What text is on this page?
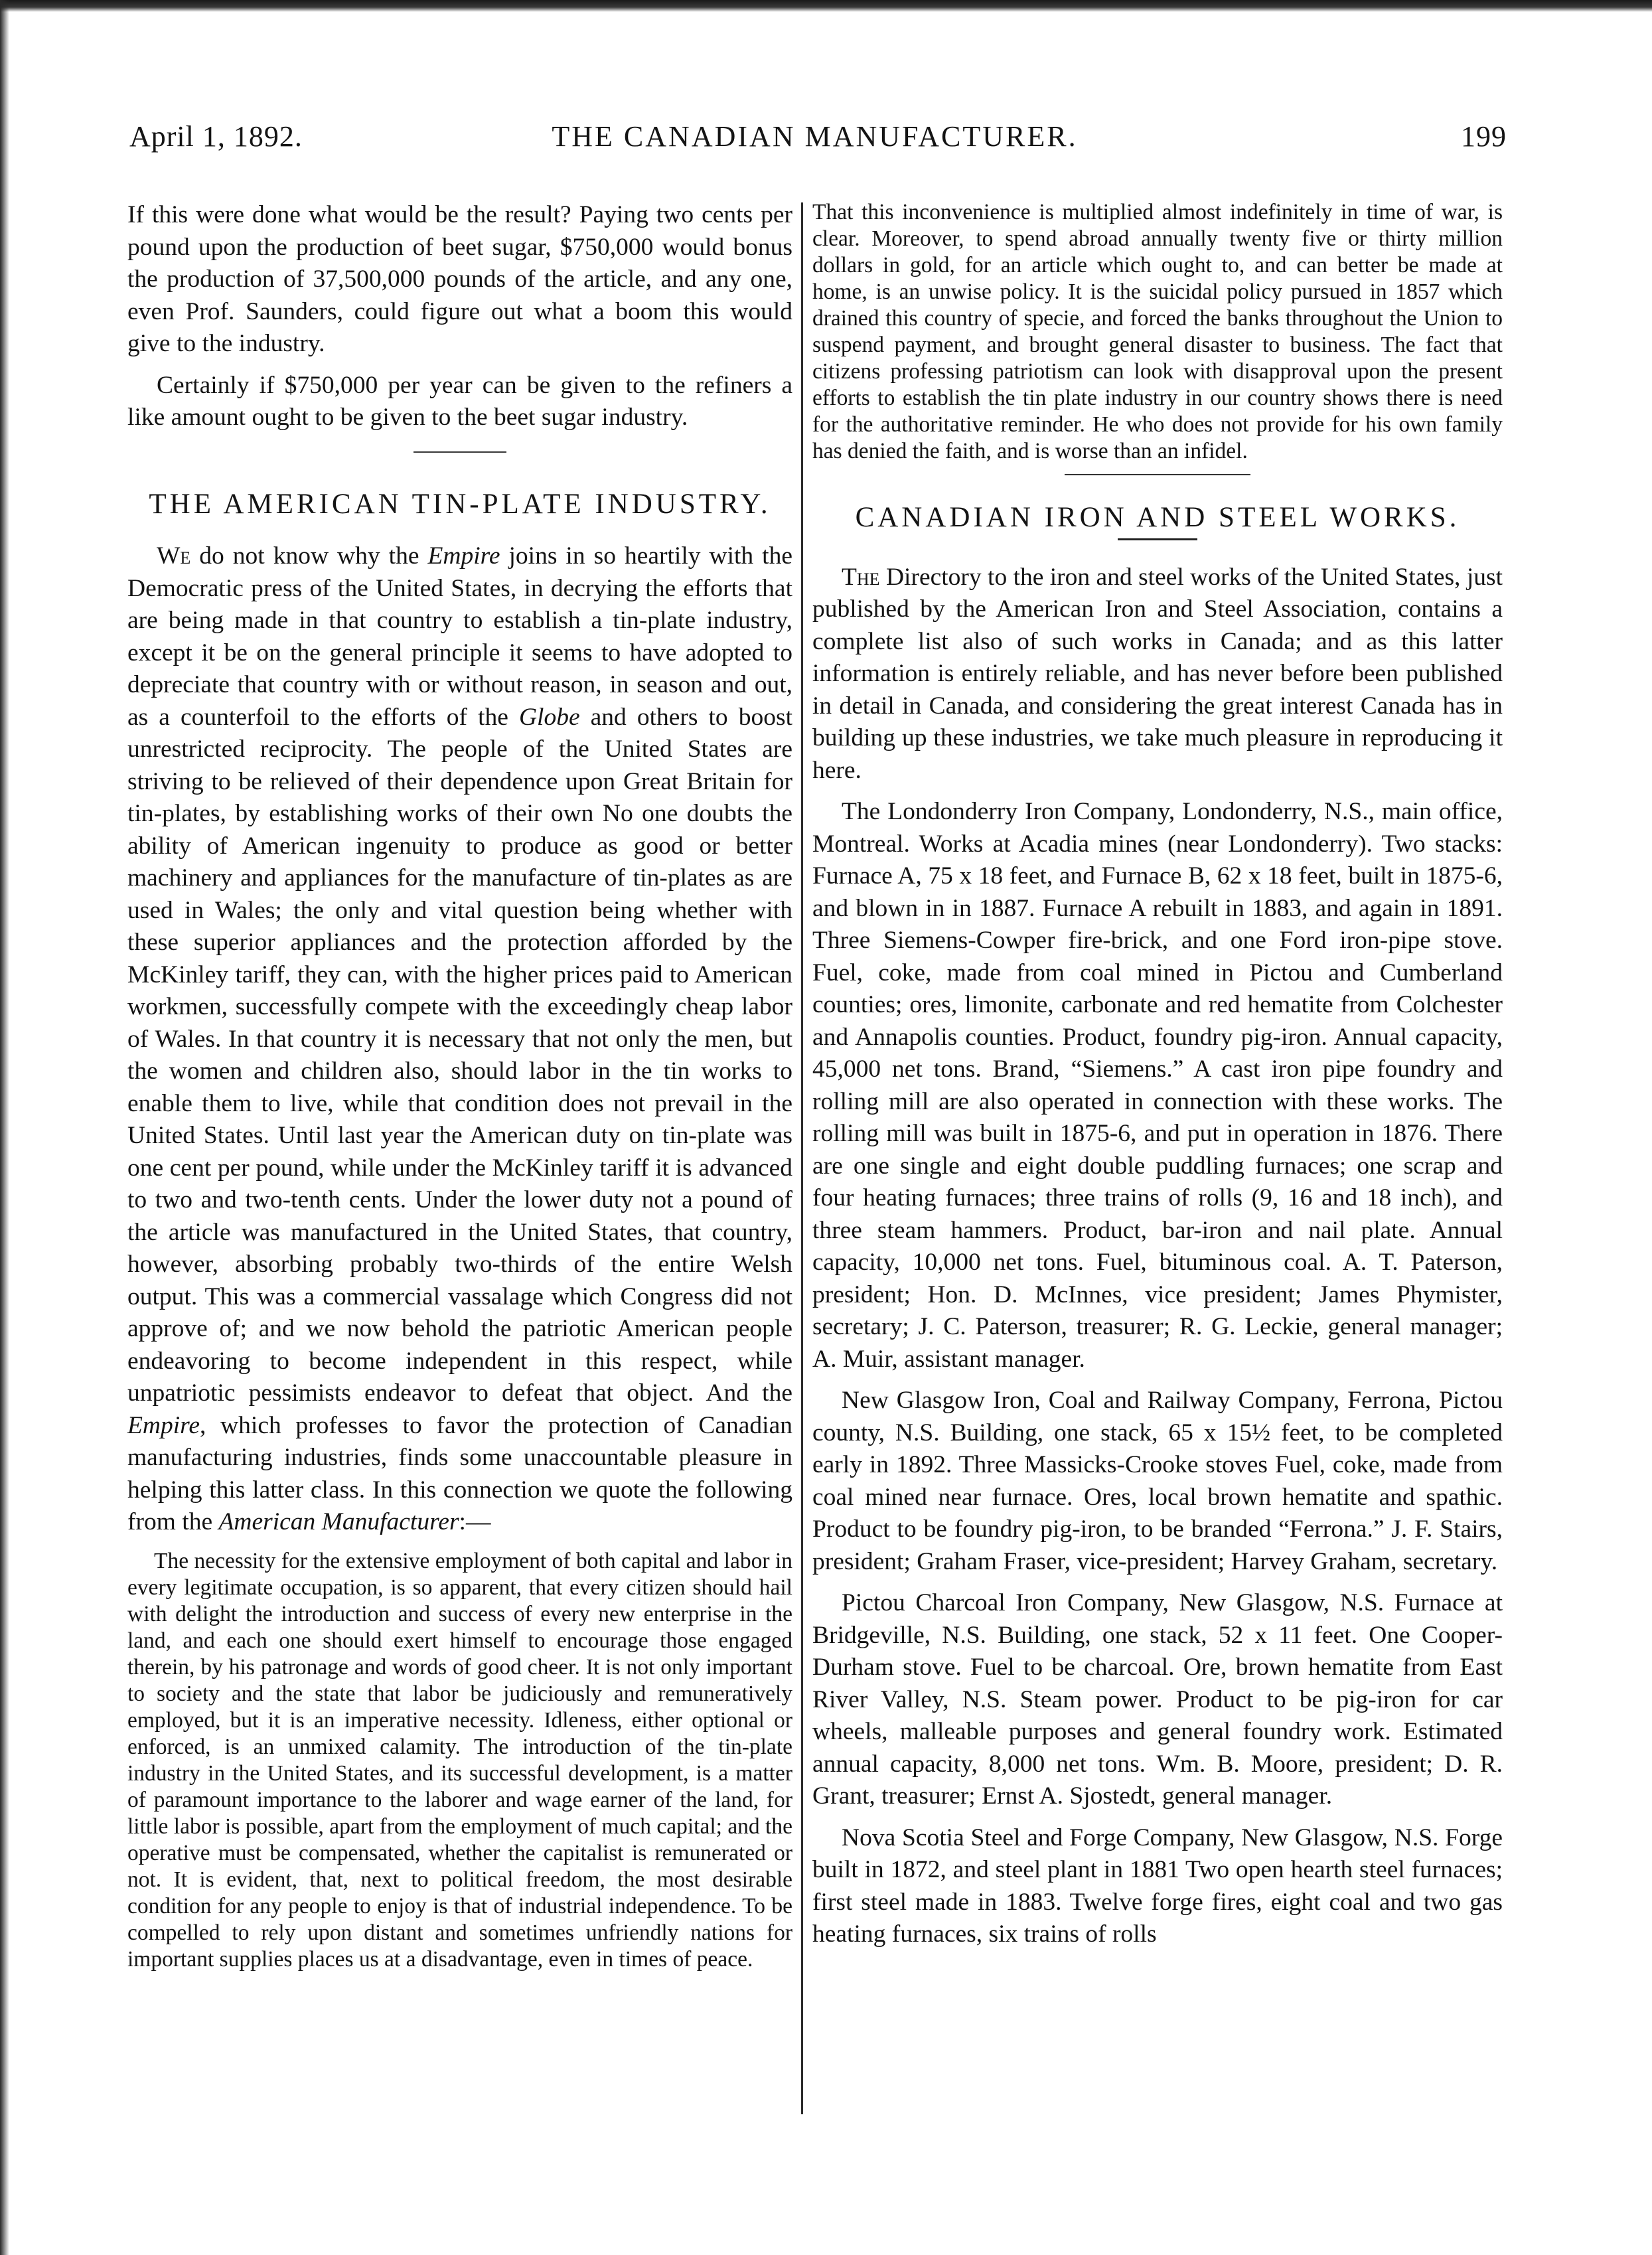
April 1, 1892.	THE CANADIAN MANUFACTURER.	199

If this were done what would be the result? Paying two cents per pound upon the production of beet sugar, $750,000 would bonus the production of 37,500,000 pounds of the article, and any one, even Prof. Saunders, could figure out what a boom this would give to the industry.

Certainly if $750,000 per year can be given to the refiners a like amount ought to be given to the beet sugar industry.

THE AMERICAN TIN-PLATE INDUSTRY.

We do not know why the Empire joins in so heartily with the Democratic press of the United States, in decrying the efforts that are being made in that country to establish a tin-plate industry, except it be on the general principle it seems to have adopted to depreciate that country with or without reason, in season and out, as a counterfoil to the efforts of the Globe and others to boost unrestricted reciprocity. The people of the United States are striving to be relieved of their dependence upon Great Britain for tin-plates, by establishing works of their own No one doubts the ability of American ingenuity to produce as good or better machinery and appliances for the manufacture of tin-plates as are used in Wales; the only and vital question being whether with these superior appliances and the protection afforded by the McKinley tariff, they can, with the higher prices paid to American workmen, successfully compete with the exceedingly cheap labor of Wales. In that country it is necessary that not only the men, but the women and children also, should labor in the tin works to enable them to live, while that condition does not prevail in the United States. Until last year the American duty on tin-plate was one cent per pound, while under the McKinley tariff it is advanced to two and two-tenth cents. Under the lower duty not a pound of the article was manufactured in the United States, that country, however, absorbing probably two-thirds of the entire Welsh output. This was a commercial vassalage which Congress did not approve of; and we now behold the patriotic American people endeavoring to become independent in this respect, while unpatriotic pessimists endeavor to defeat that object. And the Empire, which professes to favor the protection of Canadian manufacturing industries, finds some unaccountable pleasure in helping this latter class. In this connection we quote the following from the American Manufacturer:—

The necessity for the extensive employment of both capital and labor in every legitimate occupation, is so apparent, that every citizen should hail with delight the introduction and success of every new enterprise in the land, and each one should exert himself to encourage those engaged therein, by his patronage and words of good cheer. It is not only important to society and the state that labor be judiciously and remuneratively employed, but it is an imperative necessity. Idleness, either optional or enforced, is an unmixed calamity. The introduction of the tin-plate industry in the United States, and its successful development, is a matter of paramount importance to the laborer and wage earner of the land, for little labor is possible, apart from the employment of much capital; and the operative must be compensated, whether the capitalist is remunerated or not. It is evident, that, next to political freedom, the most desirable condition for any people to enjoy is that of industrial independence. To be compelled to rely upon distant and sometimes unfriendly nations for important supplies places us at a disadvantage, even in times of peace.

That this inconvenience is multiplied almost indefinitely in time of war, is clear. Moreover, to spend abroad annually twenty five or thirty million dollars in gold, for an article which ought to, and can better be made at home, is an unwise policy. It is the suicidal policy pursued in 1857 which drained this country of specie, and forced the banks throughout the Union to suspend payment, and brought general disaster to business. The fact that citizens professing patriotism can look with disapproval upon the present efforts to establish the tin plate industry in our country shows there is need for the authoritative reminder. He who does not provide for his own family has denied the faith, and is worse than an infidel.

CANADIAN IRON AND STEEL WORKS.

The Directory to the iron and steel works of the United States, just published by the American Iron and Steel Association, contains a complete list also of such works in Canada; and as this latter information is entirely reliable, and has never before been published in detail in Canada, and considering the great interest Canada has in building up these industries, we take much pleasure in reproducing it here.

The Londonderry Iron Company, Londonderry, N.S., main office, Montreal. Works at Acadia mines (near Londonderry). Two stacks: Furnace A, 75 x 18 feet, and Furnace B, 62 x 18 feet, built in 1875-6, and blown in in 1887. Furnace A rebuilt in 1883, and again in 1891. Three Siemens-Cowper fire-brick, and one Ford iron-pipe stove. Fuel, coke, made from coal mined in Pictou and Cumberland counties; ores, limonite, carbonate and red hematite from Colchester and Annapolis counties. Product, foundry pig-iron. Annual capacity, 45,000 net tons. Brand, “Siemens.” A cast iron pipe foundry and rolling mill are also operated in connection with these works. The rolling mill was built in 1875-6, and put in operation in 1876. There are one single and eight double puddling furnaces; one scrap and four heating furnaces; three trains of rolls (9, 16 and 18 inch), and three steam hammers. Product, bar-iron and nail plate. Annual capacity, 10,000 net tons. Fuel, bituminous coal. A. T. Paterson, president; Hon. D. McInnes, vice president; James Phymister, secretary; J. C. Paterson, treasurer; R. G. Leckie, general manager; A. Muir, assistant manager.

New Glasgow Iron, Coal and Railway Company, Ferrona, Pictou county, N.S. Building, one stack, 65 x 15½ feet, to be completed early in 1892. Three Massicks-Crooke stoves Fuel, coke, made from coal mined near furnace. Ores, local brown hematite and spathic. Product to be foundry pig-iron, to be branded “Ferrona.” J. F. Stairs, president; Graham Fraser, vice-president; Harvey Graham, secretary.

Pictou Charcoal Iron Company, New Glasgow, N.S. Furnace at Bridgeville, N.S. Building, one stack, 52 x 11 feet. One Cooper-Durham stove. Fuel to be charcoal. Ore, brown hematite from East River Valley, N.S. Steam power. Product to be pig-iron for car wheels, malleable purposes and general foundry work. Estimated annual capacity, 8,000 net tons. Wm. B. Moore, president; D. R. Grant, treasurer; Ernst A. Sjostedt, general manager.

Nova Scotia Steel and Forge Company, New Glasgow, N.S. Forge built in 1872, and steel plant in 1881 Two open hearth steel furnaces; first steel made in 1883. Twelve forge fires, eight coal and two gas heating furnaces, six trains of rolls
